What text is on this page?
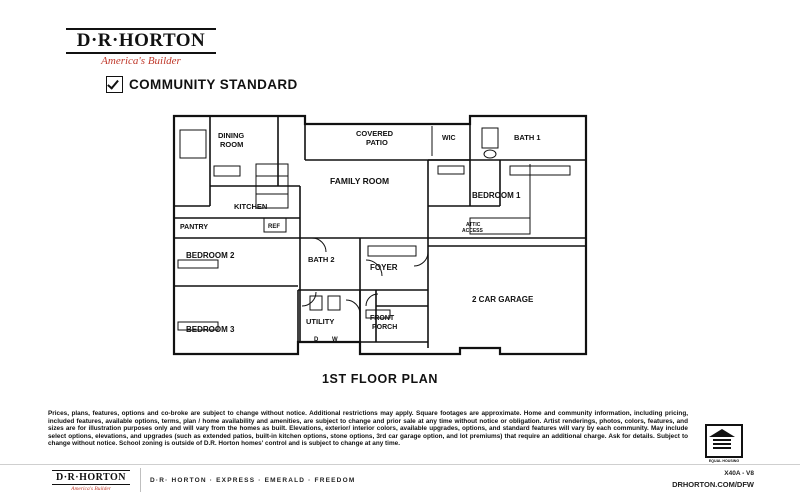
D·R·HORTON
America's Builder
COMMUNITY STANDARD
DINING
ROOM
COVERED
PATIO
FAMILY ROOM
KITCHEN
PANTRY	REF
WIC	BATH 1
BEDROOM 1
ATTIC
ACCESS
2 CAR GARAGE
BEDROOM 2	BATH 2
FOYER
BEDROOM 3
UTILITY	FRONT
PORCH
D W
1ST FLOOR PLAN
Prices, plans, features, options and co-broke are subject to change without notice. Additional restrictions may apply. Square footages are approximate. Home and community information, including pricing, included features, available options, terms, plan / home availability and amenities, are subject to change and prior sale at any time without notice or obligation. Artist renderings, photos, colors, features, and sizes are for illustration purposes only and will vary from the homes as built. Elevations, exterior/ interior colors, available upgrades, options, and standard features will vary by each community. May include select options, elevations, and upgrades (such as extended patios, built-in kitchen options, stone options, 3rd car garage option, and lot premiums) that require an additional charge. Ask for details. Subject to change without notice. School zoning is outside of D.R. Horton homes' control and is subject to change at any time.
EQUAL HOUSING
D·R·HORTON
America's Builder
D·R· HORTON · EXPRESS · EMERALD · FREEDOM
X40A - V8
DRHORTON.COM/DFW
